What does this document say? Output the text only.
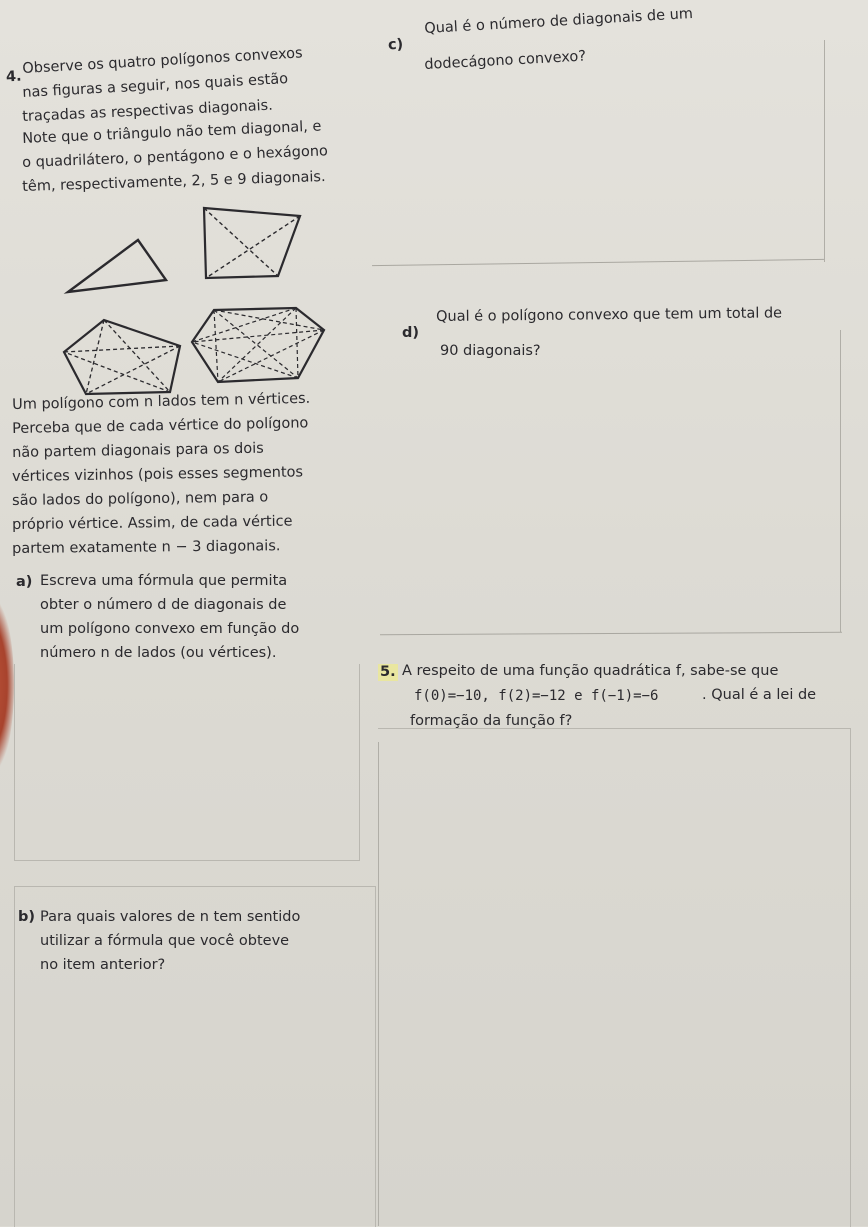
4.
Observe os quatro polígonos convexos
nas figuras a seguir, nos quais estão
traçadas as respectivas diagonais.
Note que o triângulo não tem diagonal, e
o quadrilátero, o pentágono e o hexágono
têm, respectivamente, 2, 5 e 9 diagonais.
Um polígono com n lados tem n vértices.
Perceba que de cada vértice do polígono
não partem diagonais para os dois
vértices vizinhos (pois esses segmentos
são lados do polígono), nem para o
próprio vértice. Assim, de cada vértice
partem exatamente n − 3 diagonais.
a) Escreva uma fórmula que permita
obter o número d de diagonais de
um polígono convexo em função do
número n de lados (ou vértices).
b) Para quais valores de n tem sentido
utilizar a fórmula que você obteve
no item anterior?
c)
Qual é o número de diagonais de um
dodecágono convexo?
d)
Qual é o polígono convexo que tem um total de
90 diagonais?
5. A respeito de uma função quadrática f, sabe-se que
f(0)=−10, f(2)=−12 e f(−1)=−6	. Qual é a lei de
formação da função f?
